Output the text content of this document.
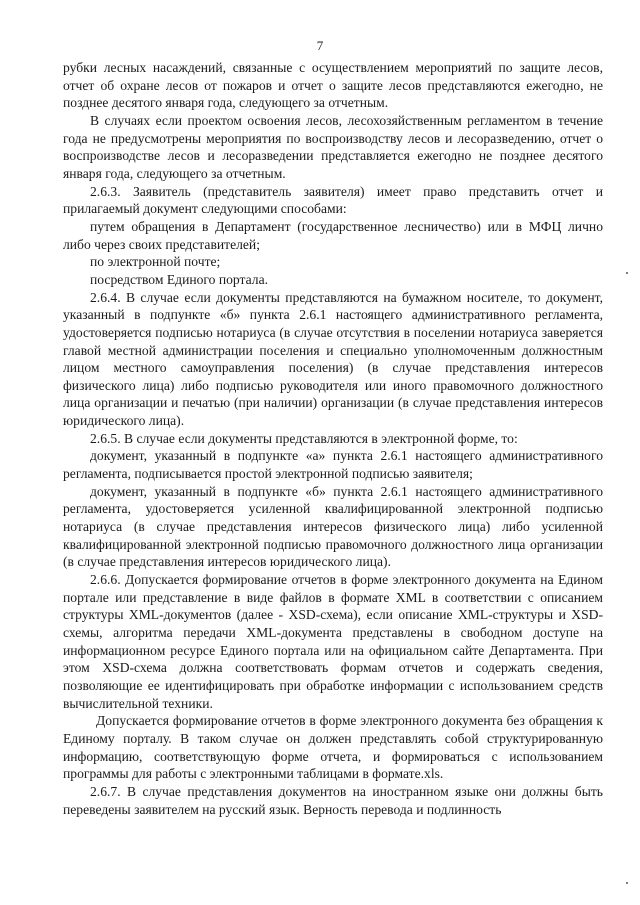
7

рубки лесных насаждений, связанные с осуществлением мероприятий по защите лесов, отчет об охране лесов от пожаров и отчет о защите лесов представляются ежегодно, не позднее десятого января года, следующего за отчетным.

В случаях если проектом освоения лесов, лесохозяйственным регламентом в течение года не предусмотрены мероприятия по воспроизводству лесов и лесоразведению, отчет о воспроизводстве лесов и лесоразведении представляется ежегодно не позднее десятого января года, следующего за отчетным.

2.6.3. Заявитель (представитель заявителя) имеет право представить отчет и прилагаемый документ следующими способами:

путем обращения в Департамент (государственное лесничество) или в МФЦ лично либо через своих представителей;

по электронной почте;

посредством Единого портала.

2.6.4. В случае если документы представляются на бумажном носителе, то документ, указанный в подпункте «б» пункта 2.6.1 настоящего административного регламента, удостоверяется подписью нотариуса (в случае отсутствия в поселении нотариуса заверяется главой местной администрации поселения и специально уполномоченным должностным лицом местного самоуправления поселения) (в случае представления интересов физического лица) либо подписью руководителя или иного правомочного должностного лица организации и печатью (при наличии) организации (в случае представления интересов юридического лица).

2.6.5. В случае если документы представляются в электронной форме, то:

документ, указанный в подпункте «а» пункта 2.6.1 настоящего административного регламента, подписывается простой электронной подписью заявителя;

документ, указанный в подпункте «б» пункта 2.6.1 настоящего административного регламента, удостоверяется усиленной квалифицированной электронной подписью нотариуса (в случае представления интересов физического лица) либо усиленной квалифицированной электронной подписью правомочного должностного лица организации (в случае представления интересов юридического лица).

2.6.6. Допускается формирование отчетов в форме электронного документа на Едином портале или представление в виде файлов в формате XML в соответствии с описанием структуры XML-документов (далее - XSD-схема), если описание XML-структуры и XSD-схемы, алгоритма передачи XML-документа представлены в свободном доступе на информационном ресурсе Единого портала или на официальном сайте Департамента. При этом XSD-схема должна соответствовать формам отчетов и содержать сведения, позволяющие ее идентифицировать при обработке информации с использованием средств вычислительной техники.

Допускается формирование отчетов в форме электронного документа без обращения к Единому порталу. В таком случае он должен представлять собой структурированную информацию, соответствующую форме отчета, и формироваться с использованием программы для работы с электронными таблицами в формате.xls.

2.6.7. В случае представления документов на иностранном языке они должны быть переведены заявителем на русский язык. Верность перевода и подлинность
